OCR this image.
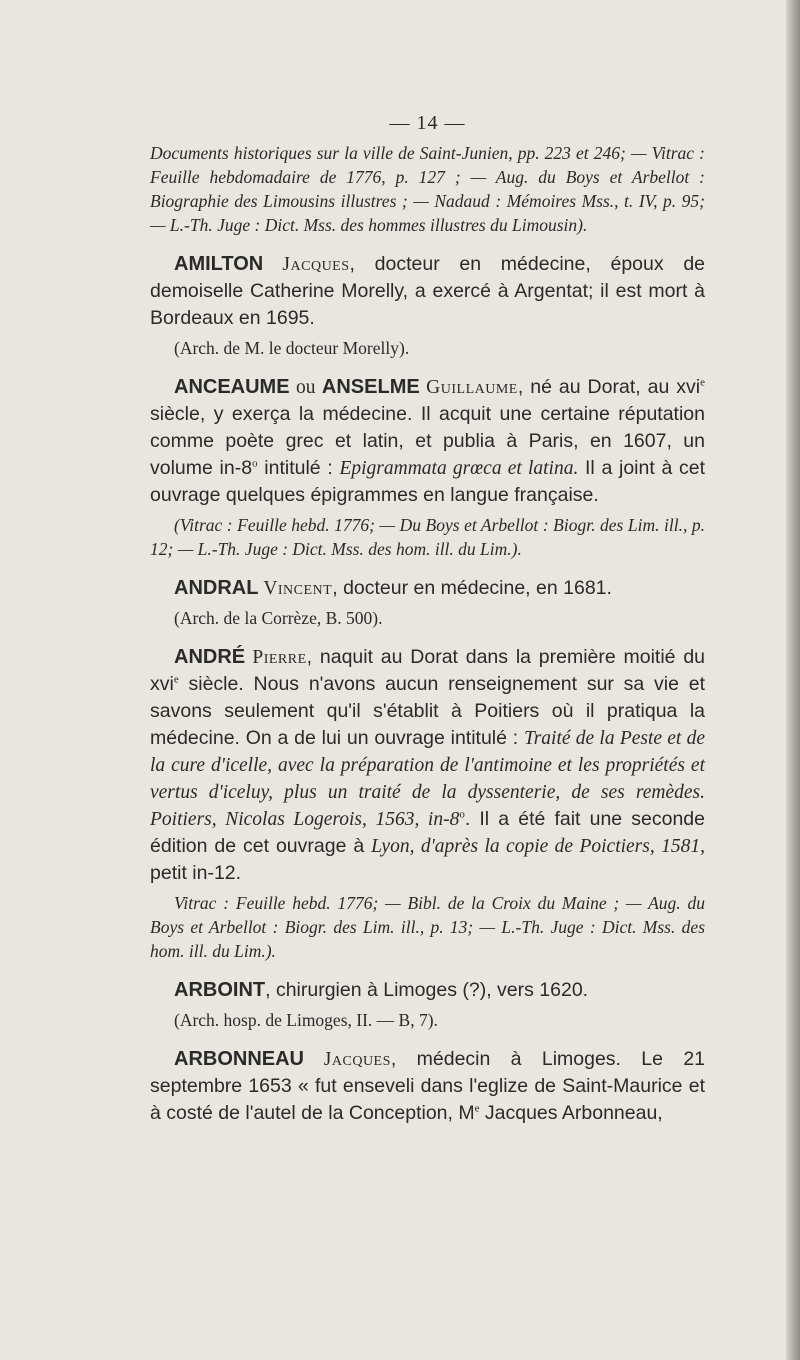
— 14 —

Documents historiques sur la ville de Saint-Junien, pp. 223 et 246; — Vitrac : Feuille hebdomadaire de 1776, p. 127 ; — Aug. du Boys et Arbellot : Biographie des Limousins illustres ; — Nadaud : Mémoires Mss., t. IV, p. 95; — L.-Th. Juge : Dict. Mss. des hommes illustres du Limousin).

AMILTON Jacques, docteur en médecine, époux de demoiselle Catherine Morelly, a exercé à Argentat; il est mort à Bordeaux en 1695.

(Arch. de M. le docteur Morelly).

ANCEAUME ou ANSELME Guillaume, né au Dorat, au xvi$^e$ siècle, y exerça la médecine. Il acquit une certaine réputation comme poète grec et latin, et publia à Paris, en 1607, un volume in-8$^o$ intitulé : Epigrammata grœca et latina. Il a joint à cet ouvrage quelques épigrammes en langue française.

(Vitrac : Feuille hebd. 1776; — Du Boys et Arbellot : Biogr. des Lim. ill., p. 12; — L.-Th. Juge : Dict. Mss. des hom. ill. du Lim.).

ANDRAL Vincent, docteur en médecine, en 1681.

(Arch. de la Corrèze, B. 500).

ANDRÉ Pierre, naquit au Dorat dans la première moitié du xvi$^e$ siècle. Nous n'avons aucun renseignement sur sa vie et savons seulement qu'il s'établit à Poitiers où il pratiqua la médecine. On a de lui un ouvrage intitulé : Traité de la Peste et de la cure d'icelle, avec la préparation de l'antimoine et les propriétés et vertus d'iceluy, plus un traité de la dyssenterie, de ses remèdes. Poitiers, Nicolas Logerois, 1563, in-8$^o$. Il a été fait une seconde édition de cet ouvrage à Lyon, d'après la copie de Poictiers, 1581, petit in-12.

Vitrac : Feuille hebd. 1776; — Bibl. de la Croix du Maine ; — Aug. du Boys et Arbellot : Biogr. des Lim. ill., p. 13; — L.-Th. Juge : Dict. Mss. des hom. ill. du Lim.).

ARBOINT, chirurgien à Limoges (?), vers 1620.

(Arch. hosp. de Limoges, II. — B, 7).

ARBONNEAU Jacques, médecin à Limoges. Le 21 septembre 1653 « fut enseveli dans l'eglize de Saint-Maurice et à costé de l'autel de la Conception, Me Jacques Arbonneau,
